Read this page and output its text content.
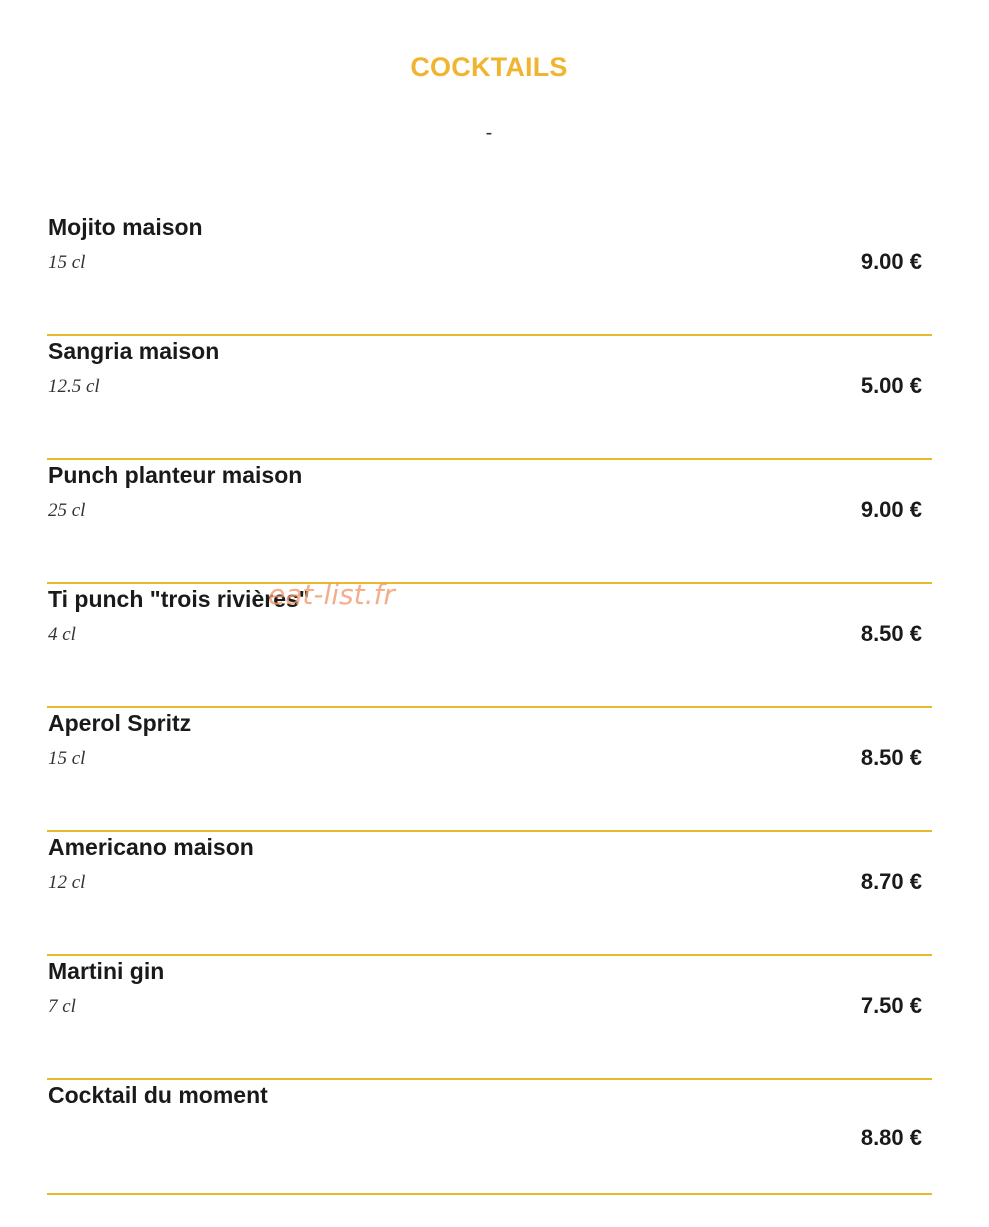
COCKTAILS
-
Mojito maison
15 cl	9.00 €
Sangria maison
12.5 cl	5.00 €
Punch planteur maison
25 cl	9.00 €
Ti punch "trois rivières"
4 cl	8.50 €
Aperol Spritz
15 cl	8.50 €
Americano maison
12 cl	8.70 €
Martini gin
7 cl	7.50 €
Cocktail du moment
8.80 €
eat-list.fr
